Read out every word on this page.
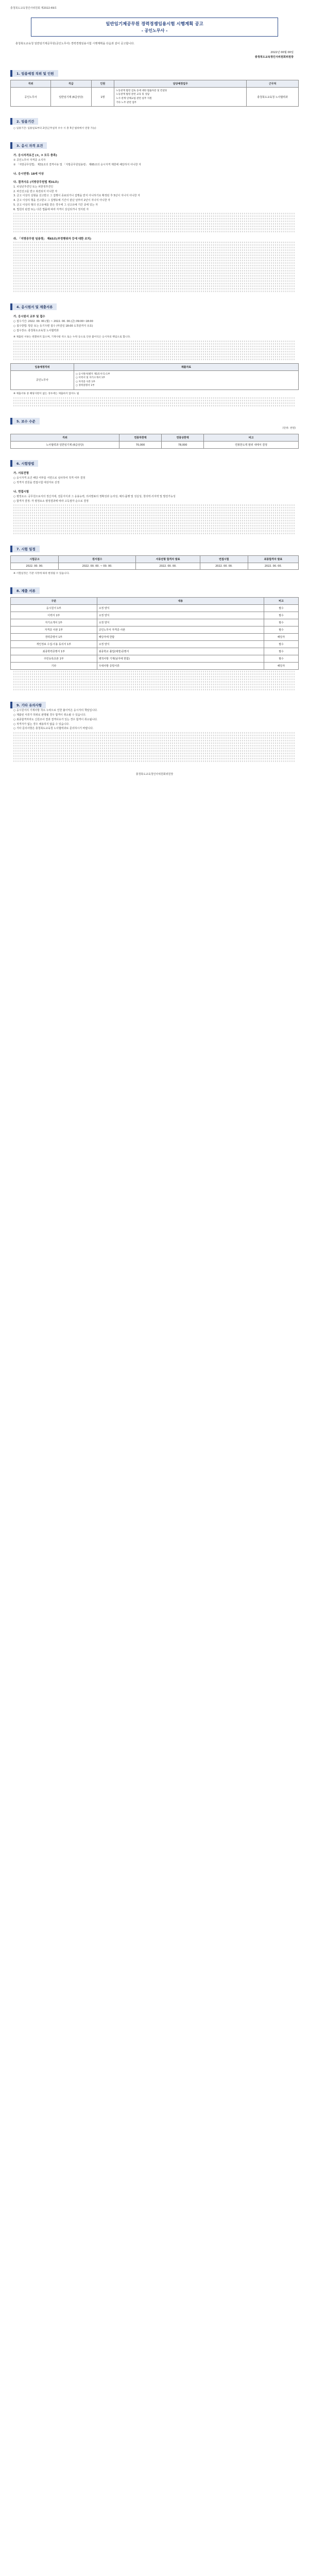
충청북도교육청인사위원회 제2022-69호
일반임기제공무원 경력경쟁임용시험 시행계획 공고
- 공인노무사 -
충청북도교육청 일반임기제공무원(공인노무사) 경력경쟁임용시험 시행계획을 다음과 같이 공고합니다.
2022년 00월 00일
충청북도교육청인사위원회위원장
1. 임용예정 직위 및 인원
직위	직급	인원	담당예정업무	근무처
공인노무사	일반임기제 (6급상당)	1명	노동관계 법령 검토 등에 대한 법률자문 및 컨설팅
노동관계 법령 관련 교육 및 상담
노사 관계 단체교섭 관련 실무 지원
기타 노무 관련 업무	충청북도교육청 노사협력과
2. 임용기간
○ 임용기간: 임용일로부터 2년(근무실적 우수 시 총 5년 범위에서 연장 가능)
3. 응시 자격 요건
가. 응시자격요건 (①, ② 모두 충족)
① 공인노무사 자격증 소지자
② 「지방공무원법」 제31조의 결격사유 및 「지방공무원임용령」 제65조의 응시자격 제한에 해당하지 아니한 자
나. 응시연령: 18세 이상
다. 결격사유 (지방공무원법 제31조)
1. 피성년후견인 또는 피한정후견인
2. 파산선고를 받고 복권되지 아니한 자
3. 금고 이상의 실형을 선고받고 그 집행이 종료되거나 집행을 받지 아니하기로 확정된 후 5년이 지나지 아니한 자
4. 금고 이상의 형을 선고받고 그 집행유예 기간이 끝난 날부터 2년이 지나지 아니한 자
5. 금고 이상의 형의 선고유예를 받은 경우에 그 선고유예 기간 중에 있는 자
6. 법원의 판결 또는 다른 법률에 따라 자격이 상실되거나 정지된 자
라. 「지방공무원 임용령」 제65조(부정행위자 등에 대한 조치)
4. 응시원서 및 제출서류
가. 응시원서 교부 및 접수
○ 접수기간: 2022. 00. 00.(월) ~ 2022. 00. 00.(금) 09:00~18:00
○ 접수방법: 방문 또는 등기우편 접수 (마감일 18:00 도착분까지 유효)
○ 접수장소: 충청북도교육청 노사협력과
※ 제출된 서류는 반환하지 않으며, 기재사항 착오 또는 누락 등으로 인한 불이익은 응시자의 책임으로 합니다.
임용예정직위	제출자료
공인노무사	○ 응시원서(별지 제1호서식) 1부
○ 이력서 및 자기소개서 1부
○ 자격증 사본 1부
○ 경력증명서 1부
※ 제출서류 중 해당사항이 없는 경우에는 제출하지 않아도 됨
5. 보수 수준
(단위: 천원)
직위	연봉하한액	연봉상한액	비고
노사협력과 일반임기제 (6급상당)	70,000	78,000	연봉한도액 범위 내에서 결정
6. 시험방법
가. 서류전형
○ 응시자격 요건 해당 여부를 서면으로 심사하여 적격 여부 결정
○ 적격자 전원을 면접시험 대상자로 선정
나. 면접시험
○ 평정요소: 공무원으로서의 정신자세, 전문지식과 그 응용능력, 의사발표의 정확성과 논리성, 예의·품행 및 성실성, 창의력·의지력 및 발전가능성
○ 합격자 결정: 각 평정요소 평정결과에 따라 고득점자 순으로 결정
7. 시험 일정
시험공고	원서접수	서류전형 합격자 발표	면접시험	최종합격자 발표
2022. 00. 00.	2022. 00. 00. ~ 00. 00.	2022. 00. 00.	2022. 00. 00.	2022. 00. 00.
※ 시험일정은 기관 사정에 따라 변경될 수 있습니다.
8. 제출 서류
구분	내용	비고
응시원서 1부	소정 양식	필수
이력서 1부	소정 양식	필수
자기소개서 1부	소정 양식	필수
자격증 사본 1부	공인노무사 자격증 사본	필수
경력증명서 1부	해당자에 한함	해당자
개인정보 수집·이용 동의서 1부	소정 양식	필수
최종학력증명서 1부	최종학교 졸업(예정)증명서	필수
주민등록초본 1부	병적사항 기재(남자에 한함)	필수
기타	우대사항 증빙서류	해당자
9. 기타 유의사항
○ 응시원서의 기재사항 착오·누락으로 인한 불이익은 응시자의 책임입니다.
○ 제출된 서류가 허위로 판명될 경우 합격이 취소될 수 있습니다.
○ 최종합격자라도 신원조사 결과 결격사유가 있는 경우 합격이 취소됩니다.
○ 적격자가 없는 경우 채용하지 않을 수 있습니다.
○ 기타 문의사항은 충청북도교육청 노사협력과로 문의하시기 바랍니다.
충청북도교육청인사위원회위원장
